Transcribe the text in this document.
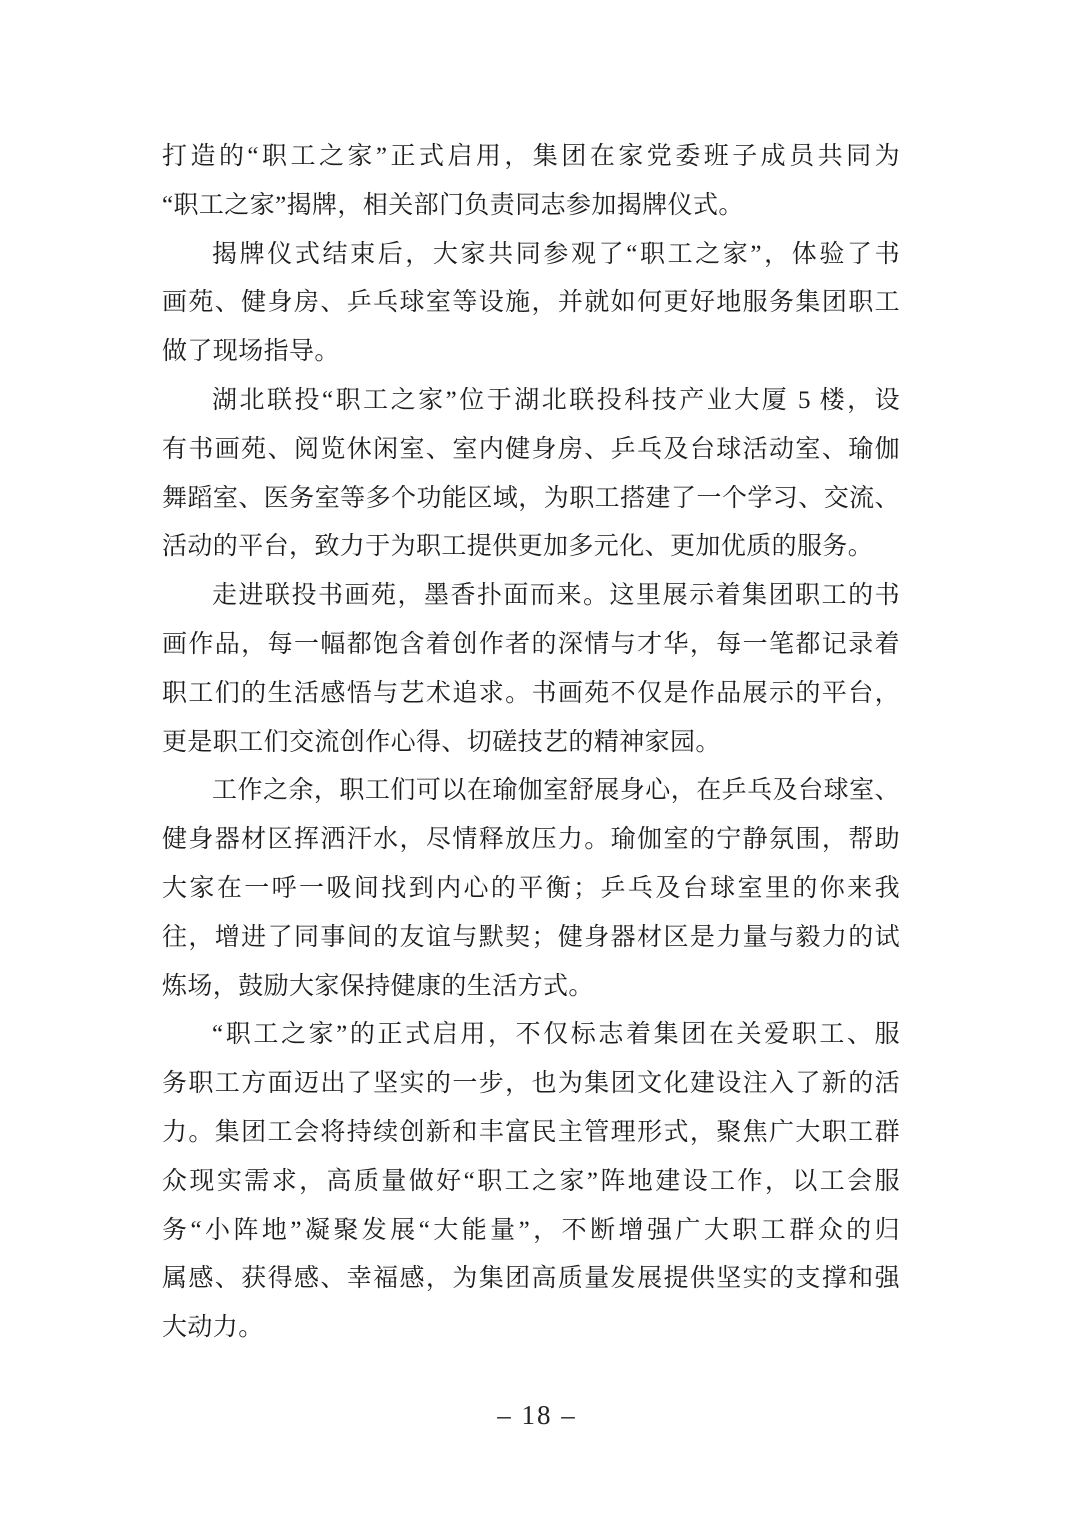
打造的“职工之家”正式启用，集团在家党委班子成员共同为
“职工之家”揭牌，相关部门负责同志参加揭牌仪式。
揭牌仪式结束后，大家共同参观了“职工之家”，体验了书
画苑、健身房、乒乓球室等设施，并就如何更好地服务集团职工
做了现场指导。
湖北联投“职工之家”位于湖北联投科技产业大厦 5 楼，设
有书画苑、阅览休闲室、室内健身房、乒乓及台球活动室、瑜伽
舞蹈室、医务室等多个功能区域，为职工搭建了一个学习、交流、
活动的平台，致力于为职工提供更加多元化、更加优质的服务。
走进联投书画苑，墨香扑面而来。这里展示着集团职工的书
画作品，每一幅都饱含着创作者的深情与才华，每一笔都记录着
职工们的生活感悟与艺术追求。书画苑不仅是作品展示的平台，
更是职工们交流创作心得、切磋技艺的精神家园。
工作之余，职工们可以在瑜伽室舒展身心，在乒乓及台球室、
健身器材区挥洒汗水，尽情释放压力。瑜伽室的宁静氛围，帮助
大家在一呼一吸间找到内心的平衡；乒乓及台球室里的你来我
往，增进了同事间的友谊与默契；健身器材区是力量与毅力的试
炼场，鼓励大家保持健康的生活方式。
“职工之家”的正式启用，不仅标志着集团在关爱职工、服
务职工方面迈出了坚实的一步，也为集团文化建设注入了新的活
力。集团工会将持续创新和丰富民主管理形式，聚焦广大职工群
众现实需求，高质量做好“职工之家”阵地建设工作，以工会服
务“小阵地”凝聚发展“大能量”，不断增强广大职工群众的归
属感、获得感、幸福感，为集团高质量发展提供坚实的支撑和强
大动力。
– 18 –
